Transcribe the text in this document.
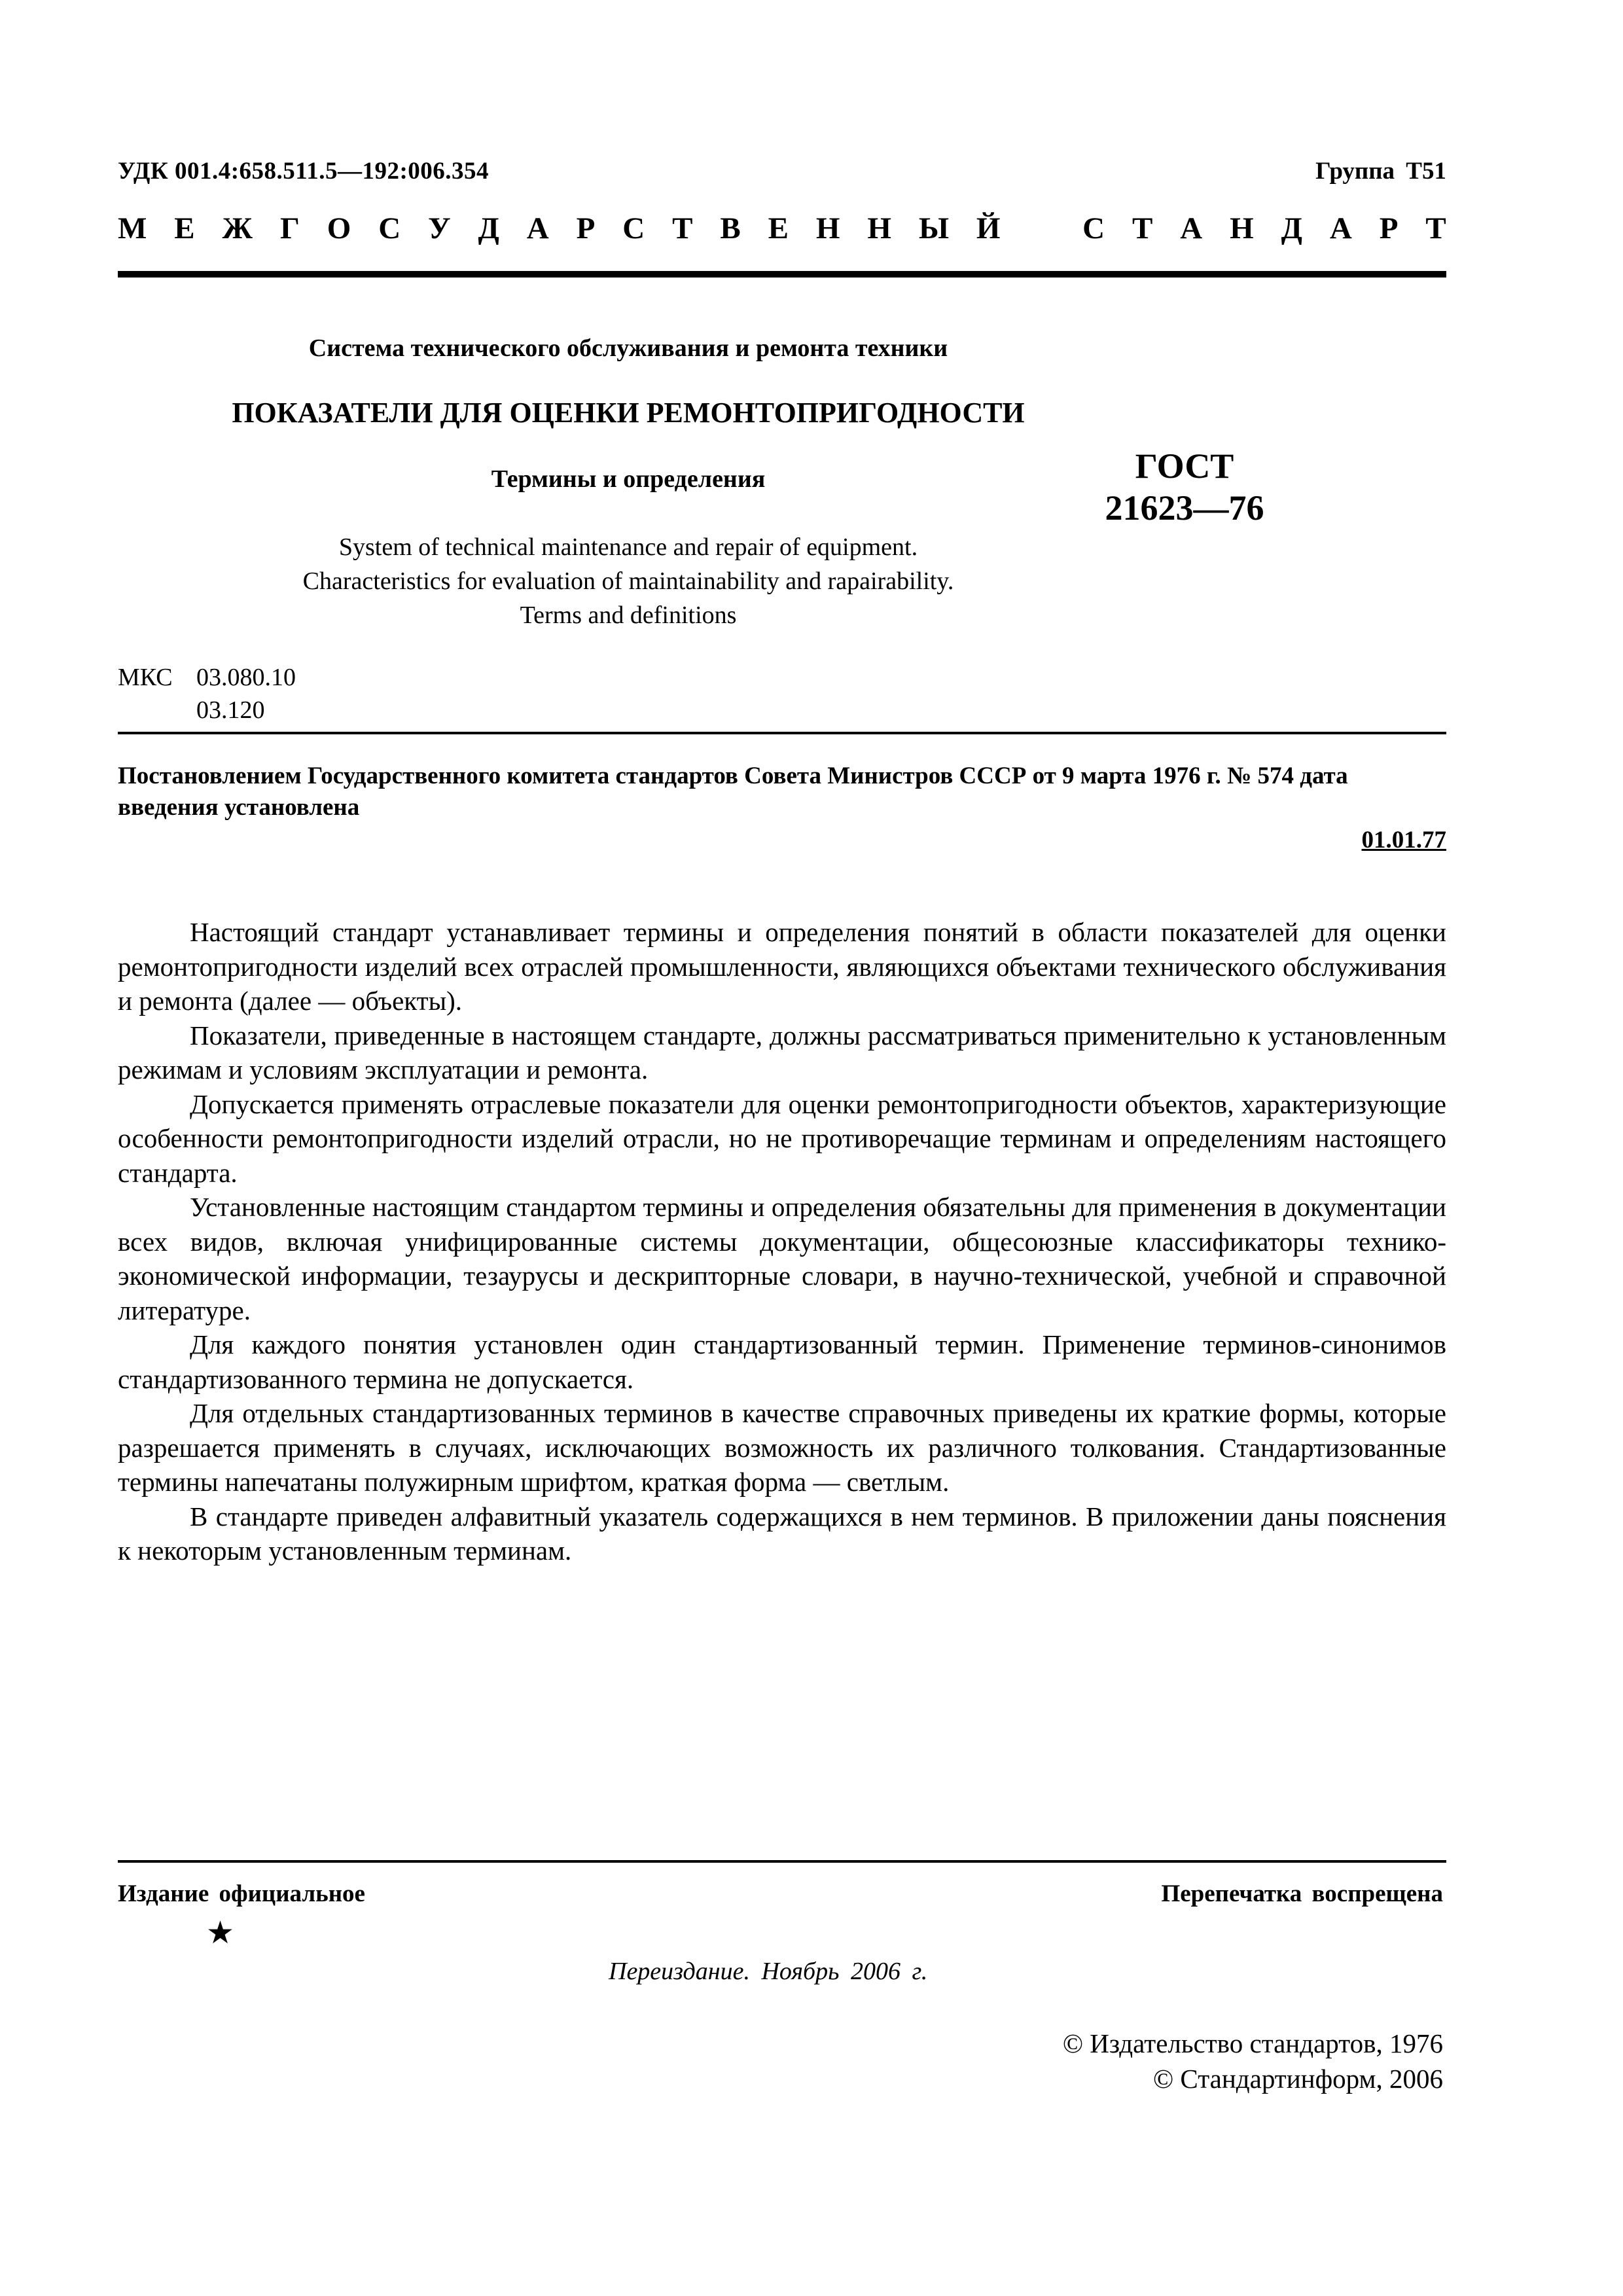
УДК 001.4:658.511.5—192:006.354	Группа Т51
М Е Ж Г О С У Д А Р С Т В Е Н Н Ы Й	С Т А Н Д А Р Т
Система технического обслуживания и ремонта техники
ПОКАЗАТЕЛИ ДЛЯ ОЦЕНКИ РЕМОНТОПРИГОДНОСТИ
Термины и определения
System of technical maintenance and repair of equipment.
Characteristics for evaluation of maintainability and rapairability.
Terms and definitions
ГОСТ
21623—76
МКС 03.080.10
03.120
Постановлением Государственного комитета стандартов Совета Министров СССР от 9 марта 1976 г. № 574 дата введения установлена
01.01.77

Настоящий стандарт устанавливает термины и определения понятий в области показателей для оценки ремонтопригодности изделий всех отраслей промышленности, являющихся объектами технического обслуживания и ремонта (далее — объекты).

Показатели, приведенные в настоящем стандарте, должны рассматриваться применительно к установленным режимам и условиям эксплуатации и ремонта.

Допускается применять отраслевые показатели для оценки ремонтопригодности объектов, характеризующие особенности ремонтопригодности изделий отрасли, но не противоречащие терминам и определениям настоящего стандарта.

Установленные настоящим стандартом термины и определения обязательны для применения в документации всех видов, включая унифицированные системы документации, общесоюзные классификаторы технико-экономической информации, тезаурусы и дескрипторные словари, в научно-технической, учебной и справочной литературе.

Для каждого понятия установлен один стандартизованный термин. Применение терминов-синонимов стандартизованного термина не допускается.

Для отдельных стандартизованных терминов в качестве справочных приведены их краткие формы, которые разрешается применять в случаях, исключающих возможность их различного толкования. Стандартизованные термины напечатаны полужирным шрифтом, краткая форма — светлым.

В стандарте приведен алфавитный указатель содержащихся в нем терминов. В приложении даны пояснения к некоторым установленным терминам.

Издание официальное	Перепечатка воспрещена
★
Переиздание. Ноябрь 2006 г.
© Издательство стандартов, 1976
© Стандартинформ, 2006
